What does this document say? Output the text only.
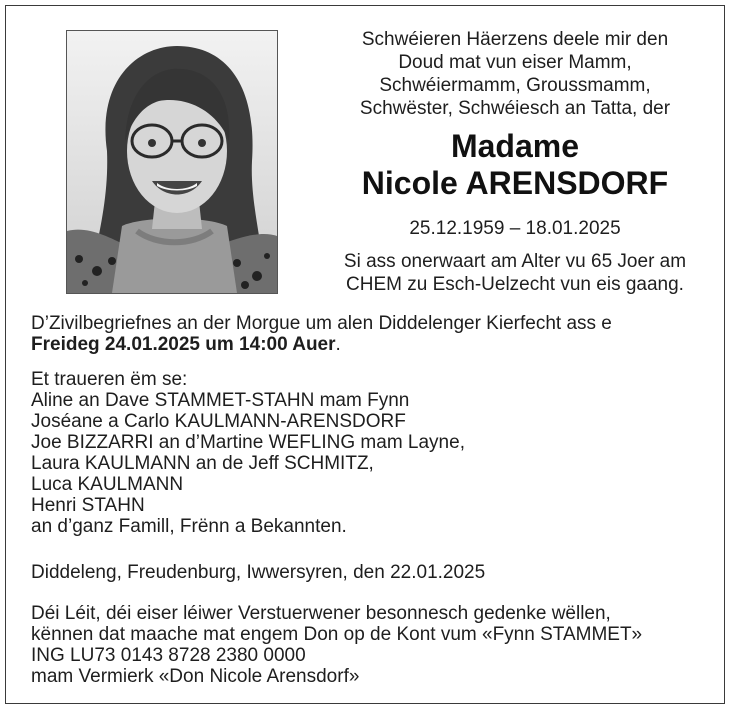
Schwéieren Häerzens deele mir den
Doud mat vun eiser Mamm,
Schwéiermamm, Groussmamm,
Schwëster, Schwéiesch an Tatta, der
Madame
Nicole ARENSDORF
25.12.1959 – 18.01.2025
Si ass onerwaart am Alter vu 65 Joer am
CHEM zu Esch-Uelzecht vun eis gaang.
D’Zivilbegriefnes an der Morgue um alen Diddelenger Kierfecht ass e
Freideg 24.01.2025 um 14:00 Auer.
Et traueren ëm se:
Aline an Dave STAMMET-STAHN mam Fynn
Joséane a Carlo KAULMANN-ARENSDORF
Joe BIZZARRI an d’Martine WEFLING mam Layne,
Laura KAULMANN an de Jeff SCHMITZ,
Luca KAULMANN
Henri STAHN
an d’ganz Famill, Frënn a Bekannten.
Diddeleng, Freudenburg, Iwwersyren, den 22.01.2025
Déi Léit, déi eiser léiwer Verstuerwener besonnesch gedenke wëllen,
kënnen dat maache mat engem Don op de Kont vum «Fynn STAMMET»
ING LU73 0143 8728 2380 0000
mam Vermierk «Don Nicole Arensdorf»
